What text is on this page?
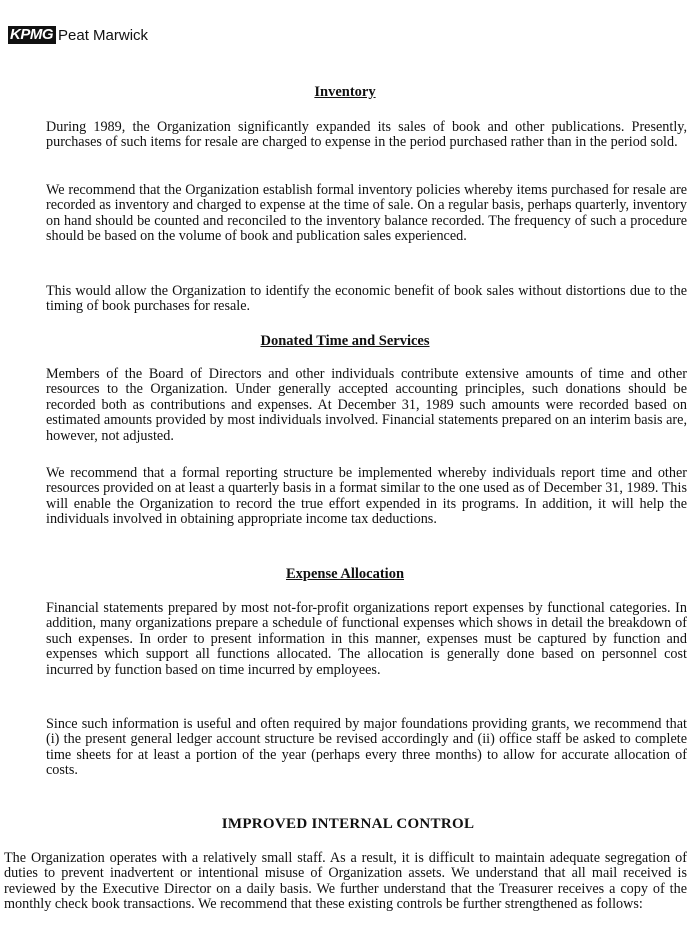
KPMG Peat Marwick
Inventory

During 1989, the Organization significantly expanded its sales of book and other publications. Presently, purchases of such items for resale are charged to expense in the period purchased rather than in the period sold.

We recommend that the Organization establish formal inventory policies whereby items purchased for resale are recorded as inventory and charged to expense at the time of sale. On a regular basis, perhaps quarterly, inventory on hand should be counted and reconciled to the inventory balance recorded. The frequency of such a procedure should be based on the volume of book and publication sales experienced.

This would allow the Organization to identify the economic benefit of book sales without distortions due to the timing of book purchases for resale.

Donated Time and Services

Members of the Board of Directors and other individuals contribute extensive amounts of time and other resources to the Organization. Under generally accepted accounting principles, such donations should be recorded both as contributions and expenses. At December 31, 1989 such amounts were recorded based on estimated amounts provided by most individuals involved. Financial statements prepared on an interim basis are, however, not adjusted.

We recommend that a formal reporting structure be implemented whereby individuals report time and other resources provided on at least a quarterly basis in a format similar to the one used as of December 31, 1989. This will enable the Organization to record the true effort expended in its programs. In addition, it will help the individuals involved in obtaining appropriate income tax deductions.

Expense Allocation

Financial statements prepared by most not-for-profit organizations report expenses by functional categories. In addition, many organizations prepare a schedule of functional expenses which shows in detail the breakdown of such expenses. In order to present information in this manner, expenses must be captured by function and expenses which support all functions allocated. The allocation is generally done based on personnel cost incurred by function based on time incurred by employees.

Since such information is useful and often required by major foundations providing grants, we recommend that (i) the present general ledger account structure be revised accordingly and (ii) office staff be asked to complete time sheets for at least a portion of the year (perhaps every three months) to allow for accurate allocation of costs.

IMPROVED INTERNAL CONTROL

The Organization operates with a relatively small staff. As a result, it is difficult to maintain adequate segregation of duties to prevent inadvertent or intentional misuse of Organization assets. We understand that all mail received is reviewed by the Executive Director on a daily basis. We further understand that the Treasurer receives a copy of the monthly check book transactions. We recommend that these existing controls be further strengthened as follows:
